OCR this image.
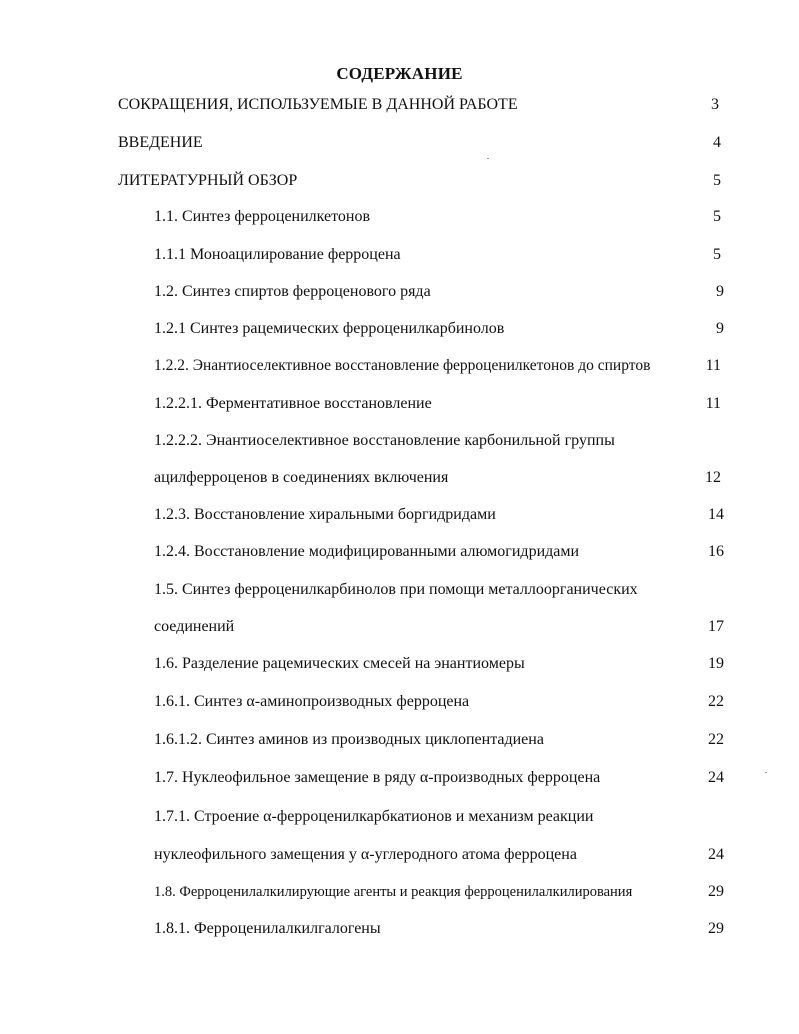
СОДЕРЖАНИЕ
СОКРАЩЕНИЯ, ИСПОЛЬЗУЕМЫЕ В ДАННОЙ РАБОТЕ	3
ВВЕДЕНИЕ	4
ЛИТЕРАТУРНЫЙ ОБЗОР	5
1.1. Синтез ферроценилкетонов	5
1.1.1 Моноацилирование ферроцена	5
1.2. Синтез спиртов ферроценового ряда	9
1.2.1 Синтез рацемических ферроценилкарбинолов	9
1.2.2. Энантиоселективное восстановление ферроценилкетонов до спиртов	11
1.2.2.1. Ферментативное восстановление	11
1.2.2.2. Энантиоселективное восстановление карбонильной группы
ацилферроценов в соединениях включения	12
1.2.3. Восстановление хиральными боргидридами	14
1.2.4. Восстановление модифицированными алюмогидридами	16
1.5. Синтез ферроценилкарбинолов при помощи металлоорганических
соединений	17
1.6. Разделение рацемических смесей на энантиомеры	19
1.6.1. Синтез α-аминопроизводных ферроцена	22
1.6.1.2. Синтез аминов из производных циклопентадиена	22
1.7. Нуклеофильное замещение в ряду α-производных ферроцена	24
1.7.1. Строение α-ферроценилкарбкатионов и механизм реакции
нуклеофильного замещения у α-углеродного атома ферроцена	24
1.8. Ферроценилалкилирующие агенты и реакция ферроценилалкилирования	29
1.8.1. Ферроценилалкилгалогены	29
